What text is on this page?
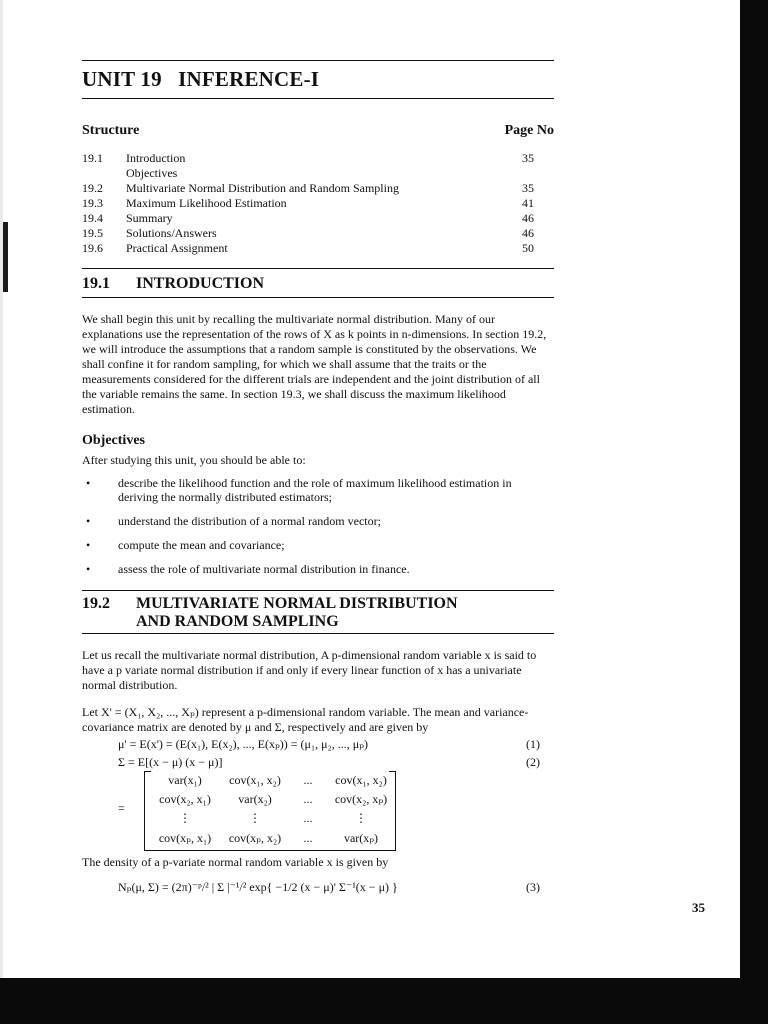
UNIT 19   INFERENCE-I
Structure	Page No
19.1	Introduction	35
Objectives
19.2	Multivariate Normal Distribution and Random Sampling	35
19.3	Maximum Likelihood Estimation	41
19.4	Summary	46
19.5	Solutions/Answers	46
19.6	Practical Assignment	50
19.1 INTRODUCTION
We shall begin this unit by recalling the multivariate normal distribution. Many of our explanations use the representation of the rows of X as k points in n-dimensions. In section 19.2, we will introduce the assumptions that a random sample is constituted by the observations. We shall confine it for random sampling, for which we shall assume that the traits or the measurements considered for the different trials are independent and the joint distribution of all the variable remains the same. In section 19.3, we shall discuss the maximum likelihood estimation.
Objectives
After studying this unit, you should be able to:
• describe the likelihood function and the role of maximum likelihood estimation in deriving the normally distributed estimators;
• understand the distribution of a normal random vector;
• compute the mean and covariance;
• assess the role of multivariate normal distribution in finance.
19.2	MULTIVARIATE NORMAL DISTRIBUTION
AND RANDOM SAMPLING
Let us recall the multivariate normal distribution, A p-dimensional random variable x is said to have a p variate normal distribution if and only if every linear function of x has a univariate normal distribution.
Let X' = (X₁, X₂, ..., Xₚ) represent a p-dimensional random variable. The mean and variance-covariance matrix are denoted by μ and Σ, respectively and are given by
μ' = E(x') = (E(x₁), E(x₂), ..., E(xₚ)) = (μ₁, μ₂, ..., μₚ)	(1)
Σ = E[(x − μ) (x − μ)]	(2)
=
var(x₁)	cov(x₁, x₂)	...	cov(x₁, x₂)
cov(x₂, x₁)	var(x₂)	...	cov(x₂, xₚ)
⋮	⋮	...	⋮
cov(xₚ, x₁)	cov(xₚ, x₂)	...	var(xₚ)
The density of a p-variate normal random variable x is given by
Nₚ(μ, Σ) = (2π)⁻ᵖ/² | Σ |⁻¹/² exp{ −1/2 (x − μ)' Σ⁻¹(x − μ) }	(3)
35
